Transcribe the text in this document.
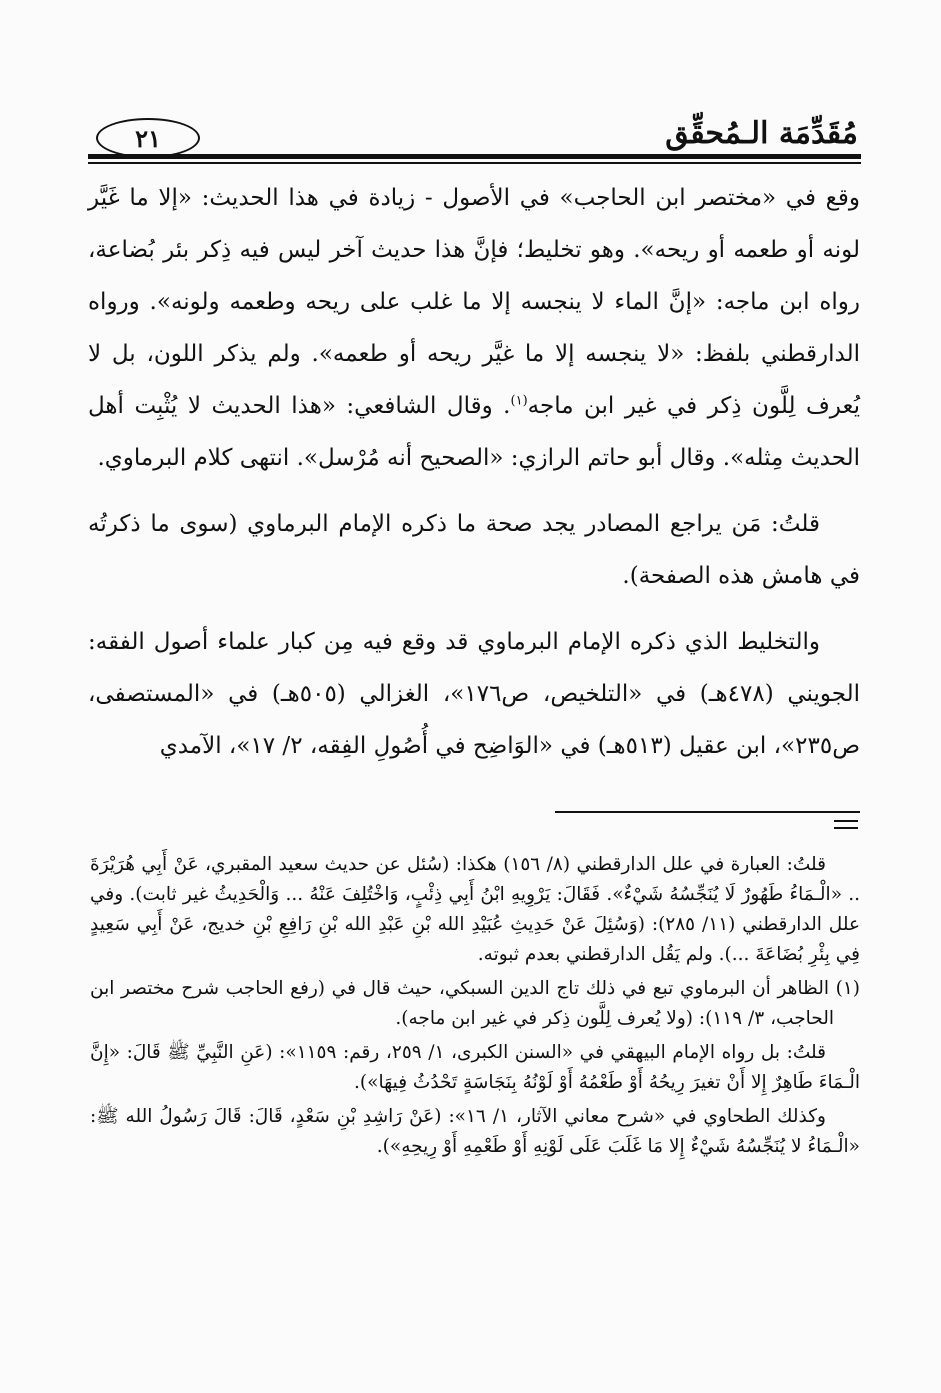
مُقَدِّمَة الـمُحقِّق
٢١

وقع في «مختصر ابن الحاجب» في الأصول - زيادة في هذا الحديث: «إلا ما غَيَّر لونه أو طعمه أو ريحه». وهو تخليط؛ فإنَّ هذا حديث آخر ليس فيه ذِكر بئر بُضاعة، رواه ابن ماجه: «إنَّ الماء لا ينجسه إلا ما غلب على ريحه وطعمه ولونه». ورواه الدارقطني بلفظ: «لا ينجسه إلا ما غيَّر ريحه أو طعمه». ولم يذكر اللون، بل لا يُعرف لِلَّون ذِكر في غير ابن ماجه$^{(١)}$. وقال الشافعي: «هذا الحديث لا يُثْبِت أهل الحديث مِثله». وقال أبو حاتم الرازي: «الصحيح أنه مُرْسل». انتهى كلام البرماوي.

قلتُ: مَن يراجع المصادر يجد صحة ما ذكره الإمام البرماوي (سوى ما ذكرتُه في هامش هذه الصفحة).

والتخليط الذي ذكره الإمام البرماوي قد وقع فيه مِن كبار علماء أصول الفقه: الجويني (٤٧٨هـ) في «التلخيص، ص١٧٦»، الغزالي (٥٠٥هـ) في «المستصفى، ص٢٣٥»، ابن عقيل (٥١٣هـ) في «الوَاضِح في أُصُولِ الفِقه، ٢/ ١٧»، الآمدي

قلتُ: العبارة في علل الدارقطني (٨/ ١٥٦) هكذا: (سُئل عن حديث سعيد المقبري، عَنْ أَبِي هُرَيْرَةَ .. «الْـمَاءُ طَهُورٌ لَا يُنَجِّسُهُ شَيْءٌ». فَقَالَ: يَرْوِيهِ ابْنُ أَبِي ذِئْبٍ، وَاخْتُلِفَ عَنْهُ ... وَالْحَدِيثُ غير ثابت). وفي علل الدارقطني (١١/ ٢٨٥): (وَسُئِلَ عَنْ حَدِيثِ عُبَيْدِ الله بْنِ عَبْدِ الله بْنِ رَافِعِ بْنِ خديج، عَنْ أَبِي سَعِيدٍ فِي بِئْرِ بُضَاعَةَ ...). ولم يَقُل الدارقطني بعدم ثبوته.

(١) الظاهر أن البرماوي تبع في ذلك تاج الدين السبكي، حيث قال في (رفع الحاجب شرح مختصر ابن الحاجب، ٣/ ١١٩): (ولا يُعرف لِلَّون ذِكر في غير ابن ماجه).

قلتُ: بل رواه الإمام البيهقي في «السنن الكبرى، ١/ ٢٥٩، رقم: ١١٥٩»: (عَنِ النَّبِيِّ ﷺ قَالَ: «إِنَّ الْـمَاءَ طَاهِرٌ إِلا أَنْ تغيرَ رِيحُهُ أَوْ طَعْمُهُ أَوْ لَوْنُهُ بِنَجَاسَةٍ تَحْدُثُ فِيهَا»).

وكذلك الطحاوي في «شرح معاني الآثار، ١/ ١٦»: (عَنْ رَاشِدِ بْنِ سَعْدٍ، قَالَ: قَالَ رَسُولُ الله ﷺ: «الْـمَاءُ لا يُنَجِّسُهُ شَيْءٌ إِلا مَا غَلَبَ عَلَى لَوْنِهِ أَوْ طَعْمِهِ أَوْ رِيحِهِ»).
